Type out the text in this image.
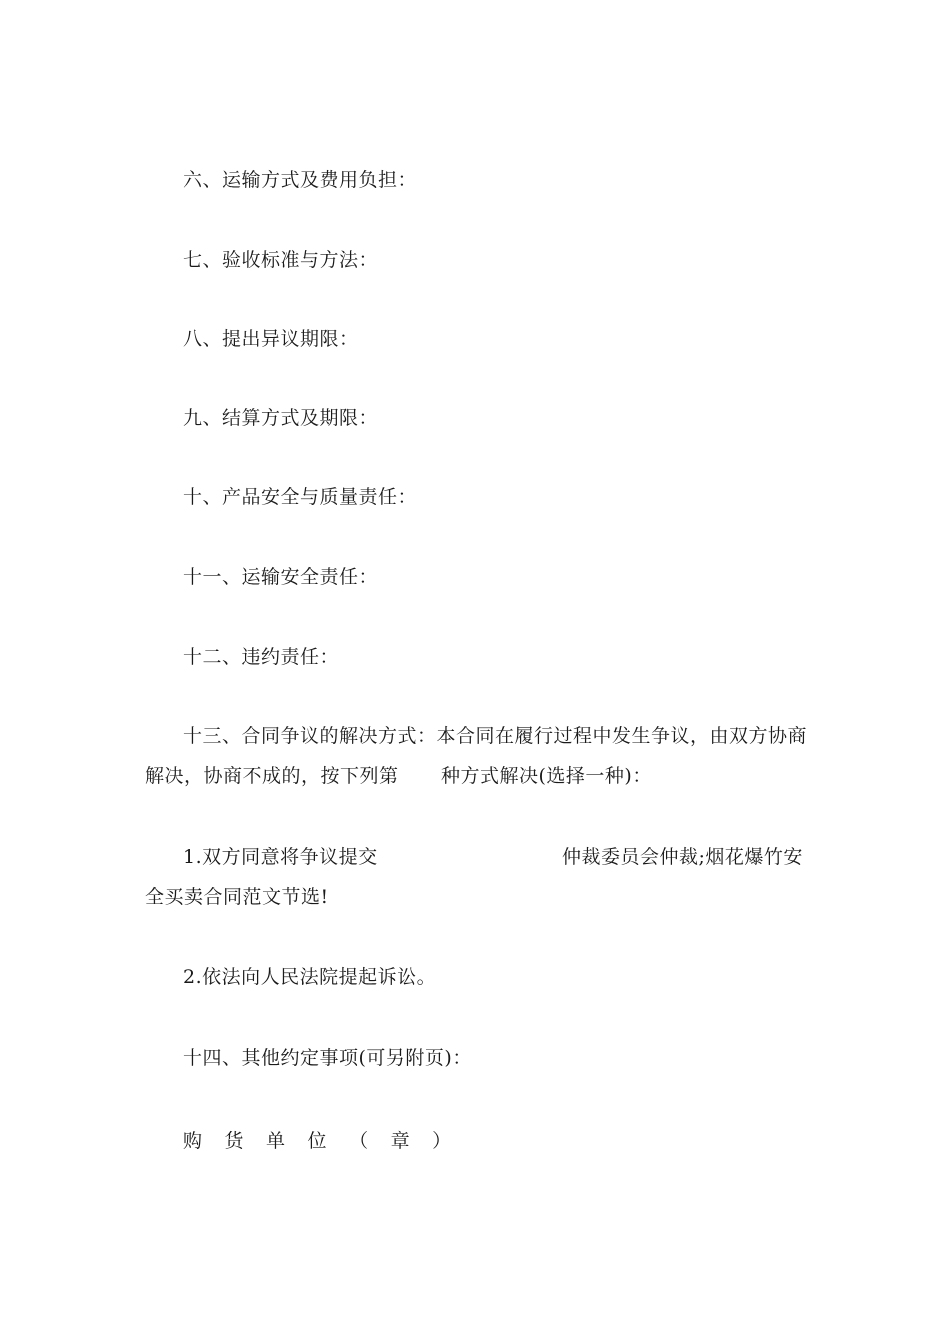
六、运输方式及费用负担：
七、验收标准与方法：
八、提出异议期限：
九、结算方式及期限：
十、产品安全与质量责任：
十一、运输安全责任：
十二、违约责任：
十三、合同争议的解决方式：本合同在履行过程中发生争议，由双方协商
解决，协商不成的，按下列第 种方式解决(选择一种)：
1.双方同意将争议提交	仲裁委员会仲裁;烟花爆竹安
全买卖合同范文节选!
2.依法向人民法院提起诉讼。
十四、其他约定事项(可另附页)：
购 货 单 位 （ 章 ）
